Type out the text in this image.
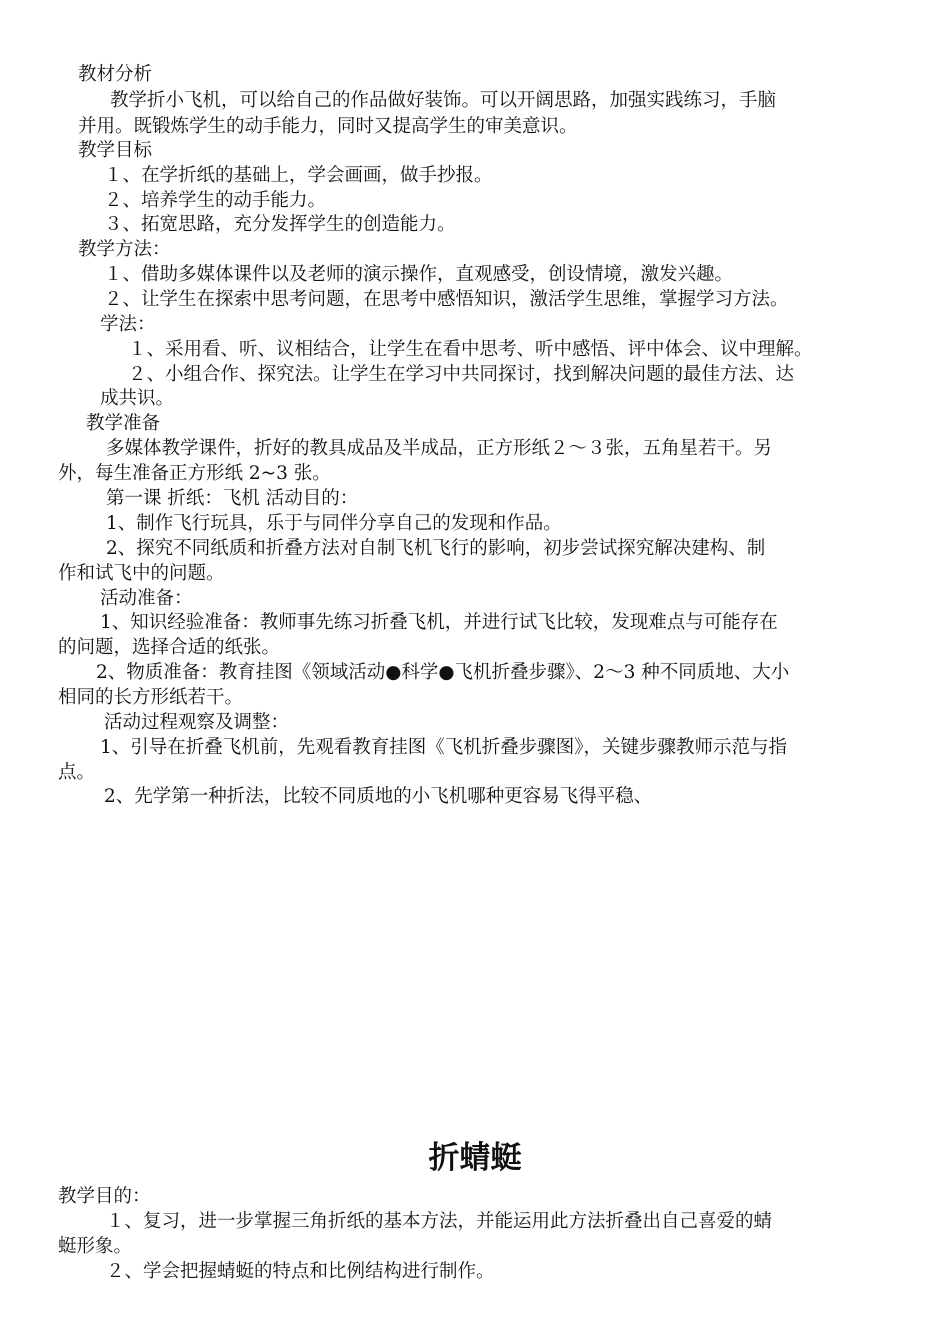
教材分析
教学折小飞机，可以给自己的作品做好装饰。可以开阔思路，加强实践练习，手脑
并用。既锻炼学生的动手能力，同时又提高学生的审美意识。
教学目标
１、在学折纸的基础上，学会画画，做手抄报。
２、培养学生的动手能力。
３、拓宽思路，充分发挥学生的创造能力。
教学方法：
１、借助多媒体课件以及老师的演示操作，直观感受，创设情境，激发兴趣。
２、让学生在探索中思考问题，在思考中感悟知识，激活学生思维，掌握学习方法。
学法：
１、采用看、听、议相结合，让学生在看中思考、听中感悟、评中体会、议中理解。
２、小组合作、探究法。让学生在学习中共同探讨，找到解决问题的最佳方法、达
成共识。
教学准备
多媒体教学课件，折好的教具成品及半成品，正方形纸２～３张，五角星若干。另
外，每生准备正方形纸 2~3 张。
第一课 折纸：飞机 活动目的：
1、制作飞行玩具，乐于与同伴分享自己的发现和作品。
2、探究不同纸质和折叠方法对自制飞机飞行的影响，初步尝试探究解决建构、制
作和试飞中的问题。
活动准备：
1、知识经验准备：教师事先练习折叠飞机，并进行试飞比较，发现难点与可能存在
的问题，选择合适的纸张。
2、物质准备：教育挂图《领域活动●科学●飞机折叠步骤》、2～3 种不同质地、大小
相同的长方形纸若干。
活动过程观察及调整：
1、引导在折叠飞机前，先观看教育挂图《飞机折叠步骤图》，关键步骤教师示范与指
点。
2、先学第一种折法，比较不同质地的小飞机哪种更容易飞得平稳、
折蜻蜓
教学目的：
１、复习，进一步掌握三角折纸的基本方法，并能运用此方法折叠出自己喜爱的蜻
蜓形象。
２、学会把握蜻蜓的特点和比例结构进行制作。
